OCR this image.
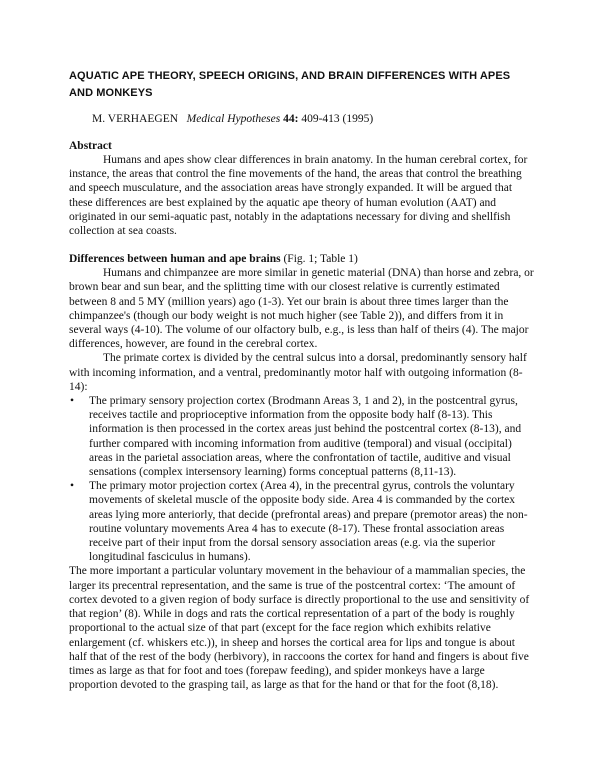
AQUATIC APE THEORY, SPEECH ORIGINS, AND BRAIN DIFFERENCES WITH APES
AND MONKEYS
M. VERHAEGEN Medical Hypotheses 44: 409-413 (1995)
Abstract

Humans and apes show clear differences in brain anatomy. In the human cerebral cortex, for instance, the areas that control the fine movements of the hand, the areas that control the breathing and speech musculature, and the association areas have strongly expanded. It will be argued that these differences are best explained by the aquatic ape theory of human evolution (AAT) and originated in our semi-aquatic past, notably in the adaptations necessary for diving and shellfish collection at sea coasts.

Differences between human and ape brains (Fig. 1; Table 1)

Humans and chimpanzee are more similar in genetic material (DNA) than horse and zebra, or brown bear and sun bear, and the splitting time with our closest relative is currently estimated between 8 and 5 MY (million years) ago (1-3). Yet our brain is about three times larger than the chimpanzee's (though our body weight is not much higher (see Table 2)), and differs from it in several ways (4-10). The volume of our olfactory bulb, e.g., is less than half of theirs (4). The major differences, however, are found in the cerebral cortex.

The primate cortex is divided by the central sulcus into a dorsal, predominantly sensory half with incoming information, and a ventral, predominantly motor half with outgoing information (8-14):

• The primary sensory projection cortex (Brodmann Areas 3, 1 and 2), in the postcentral gyrus, receives tactile and proprioceptive information from the opposite body half (8-13). This information is then processed in the cortex areas just behind the postcentral cortex (8-13), and further compared with incoming information from auditive (temporal) and visual (occipital) areas in the parietal association areas, where the confrontation of tactile, auditive and visual sensations (complex intersensory learning) forms conceptual patterns (8,11-13).
• The primary motor projection cortex (Area 4), in the precentral gyrus, controls the voluntary movements of skeletal muscle of the opposite body side. Area 4 is commanded by the cortex areas lying more anteriorly, that decide (prefrontal areas) and prepare (premotor areas) the non-routine voluntary movements Area 4 has to execute (8-17). These frontal association areas receive part of their input from the dorsal sensory association areas (e.g. via the superior longitudinal fasciculus in humans).

The more important a particular voluntary movement in the behaviour of a mammalian species, the larger its precentral representation, and the same is true of the postcentral cortex: ‘The amount of cortex devoted to a given region of body surface is directly proportional to the use and sensitivity of that region’ (8). While in dogs and rats the cortical representation of a part of the body is roughly proportional to the actual size of that part (except for the face region which exhibits relative enlargement (cf. whiskers etc.)), in sheep and horses the cortical area for lips and tongue is about half that of the rest of the body (herbivory), in raccoons the cortex for hand and fingers is about five times as large as that for foot and toes (forepaw feeding), and spider monkeys have a large proportion devoted to the grasping tail, as large as that for the hand or that for the foot (8,18).
